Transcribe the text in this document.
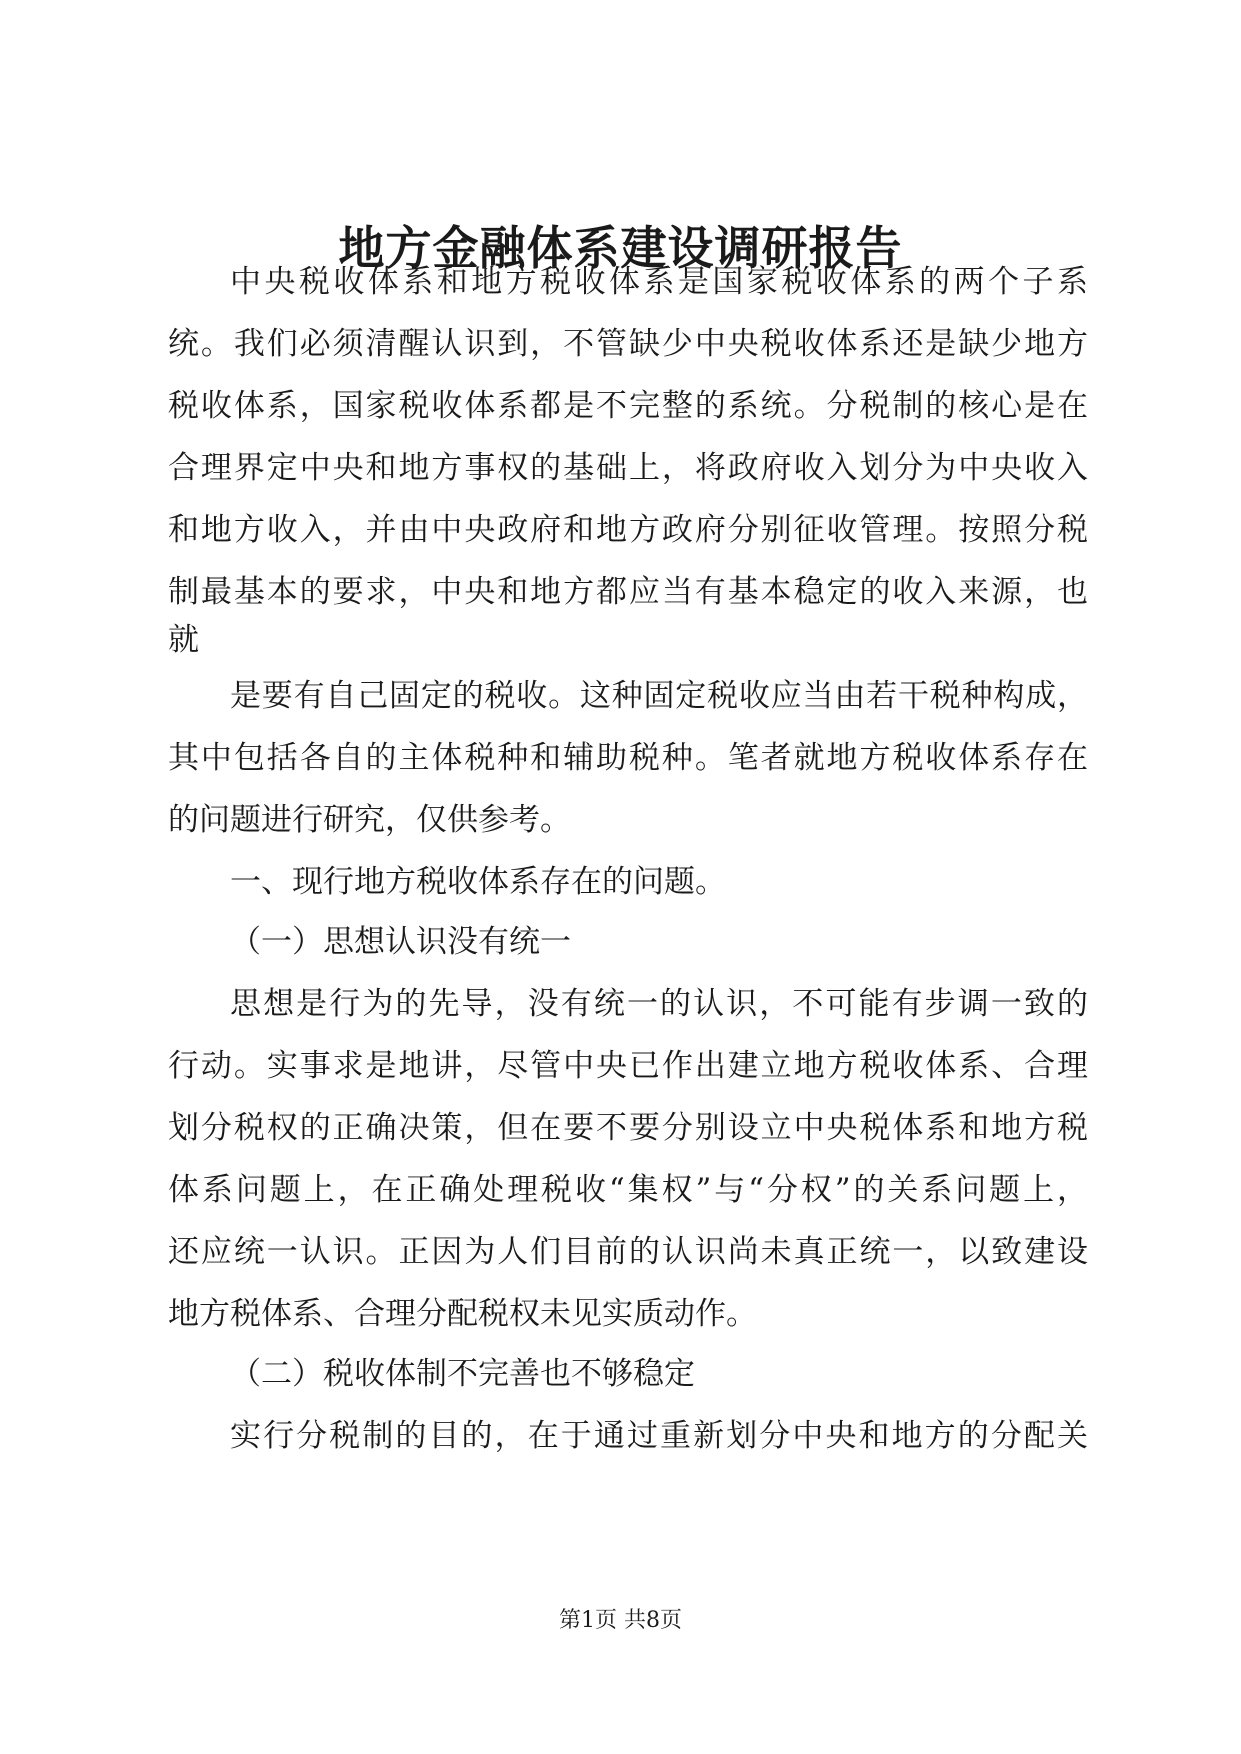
地方金融体系建设调研报告

中央税收体系和地方税收体系是国家税收体系的两个子系

统。我们必须清醒认识到，不管缺少中央税收体系还是缺少地方

税收体系，国家税收体系都是不完整的系统。分税制的核心是在

合理界定中央和地方事权的基础上，将政府收入划分为中央收入

和地方收入，并由中央政府和地方政府分别征收管理。按照分税

制最基本的要求，中央和地方都应当有基本稳定的收入来源，也

就

是要有自己固定的税收。这种固定税收应当由若干税种构成，

其中包括各自的主体税种和辅助税种。笔者就地方税收体系存在

的问题进行研究，仅供参考。

一、现行地方税收体系存在的问题。

（一）思想认识没有统一

思想是行为的先导，没有统一的认识，不可能有步调一致的

行动。实事求是地讲，尽管中央已作出建立地方税收体系、合理

划分税权的正确决策，但在要不要分别设立中央税体系和地方税

体系问题上，在正确处理税收“集权”与“分权”的关系问题上，

还应统一认识。正因为人们目前的认识尚未真正统一，以致建设

地方税体系、合理分配税权未见实质动作。

（二）税收体制不完善也不够稳定

实行分税制的目的，在于通过重新划分中央和地方的分配关

第1页 共8页
